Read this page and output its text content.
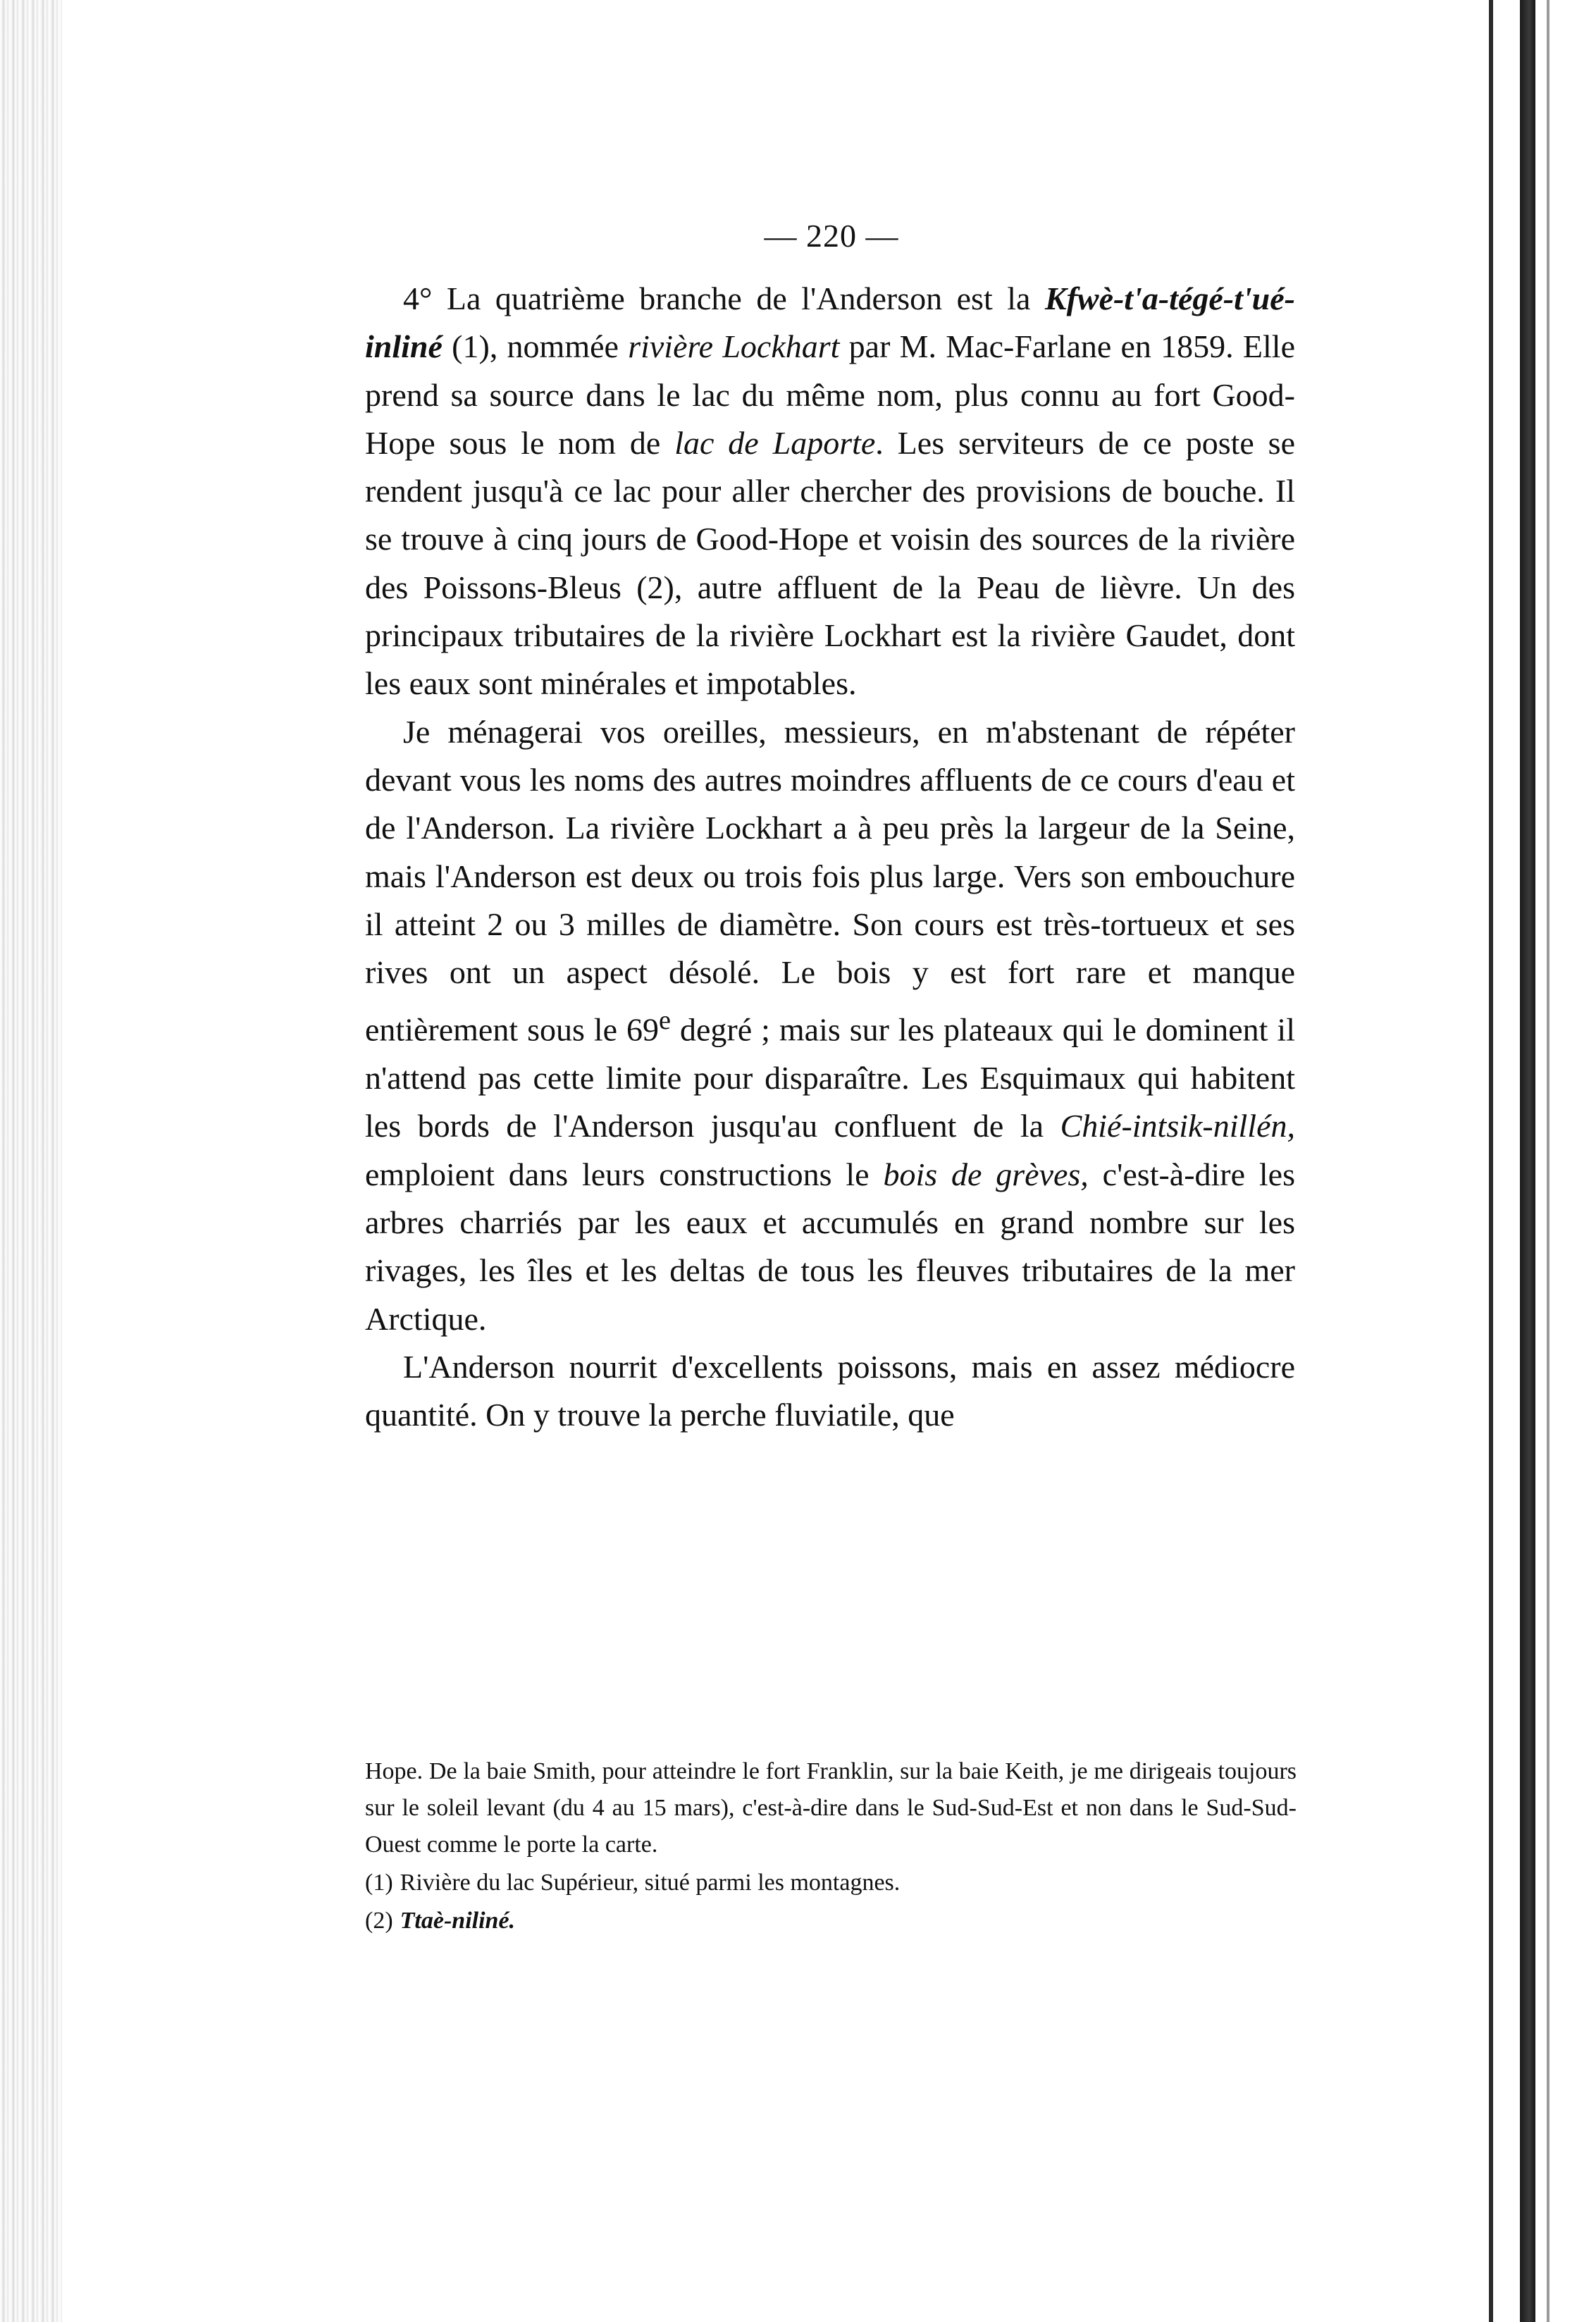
— 220 —

4° La quatrième branche de l'Anderson est la Kfwè-t'a-tégé-t'ué-inliné (1), nommée rivière Lockhart par M. Mac-Farlane en 1859. Elle prend sa source dans le lac du même nom, plus connu au fort Good-Hope sous le nom de lac de Laporte. Les serviteurs de ce poste se rendent jusqu'à ce lac pour aller chercher des provisions de bouche. Il se trouve à cinq jours de Good-Hope et voisin des sources de la rivière des Poissons-Bleus (2), autre affluent de la Peau de lièvre. Un des principaux tributaires de la rivière Lockhart est la rivière Gaudet, dont les eaux sont minérales et impotables.

Je ménagerai vos oreilles, messieurs, en m'abstenant de répéter devant vous les noms des autres moindres affluents de ce cours d'eau et de l'Anderson. La rivière Lockhart a à peu près la largeur de la Seine, mais l'Anderson est deux ou trois fois plus large. Vers son embouchure il atteint 2 ou 3 milles de diamètre. Son cours est très-tortueux et ses rives ont un aspect désolé. Le bois y est fort rare et manque entièrement sous le 69e degré ; mais sur les plateaux qui le dominent il n'attend pas cette limite pour disparaître. Les Esquimaux qui habitent les bords de l'Anderson jusqu'au confluent de la Chié-intsik-nillén, emploient dans leurs constructions le bois de grèves, c'est-à-dire les arbres charriés par les eaux et accumulés en grand nombre sur les rivages, les îles et les deltas de tous les fleuves tributaires de la mer Arctique.

L'Anderson nourrit d'excellents poissons, mais en assez médiocre quantité. On y trouve la perche fluviatile, que

Hope. De la baie Smith, pour atteindre le fort Franklin, sur la baie Keith, je me dirigeais toujours sur le soleil levant (du 4 au 15 mars), c'est-à-dire dans le Sud-Sud-Est et non dans le Sud-Sud-Ouest comme le porte la carte.

(1) Rivière du lac Supérieur, situé parmi les montagnes.

(2) Ttaè-niliné.
